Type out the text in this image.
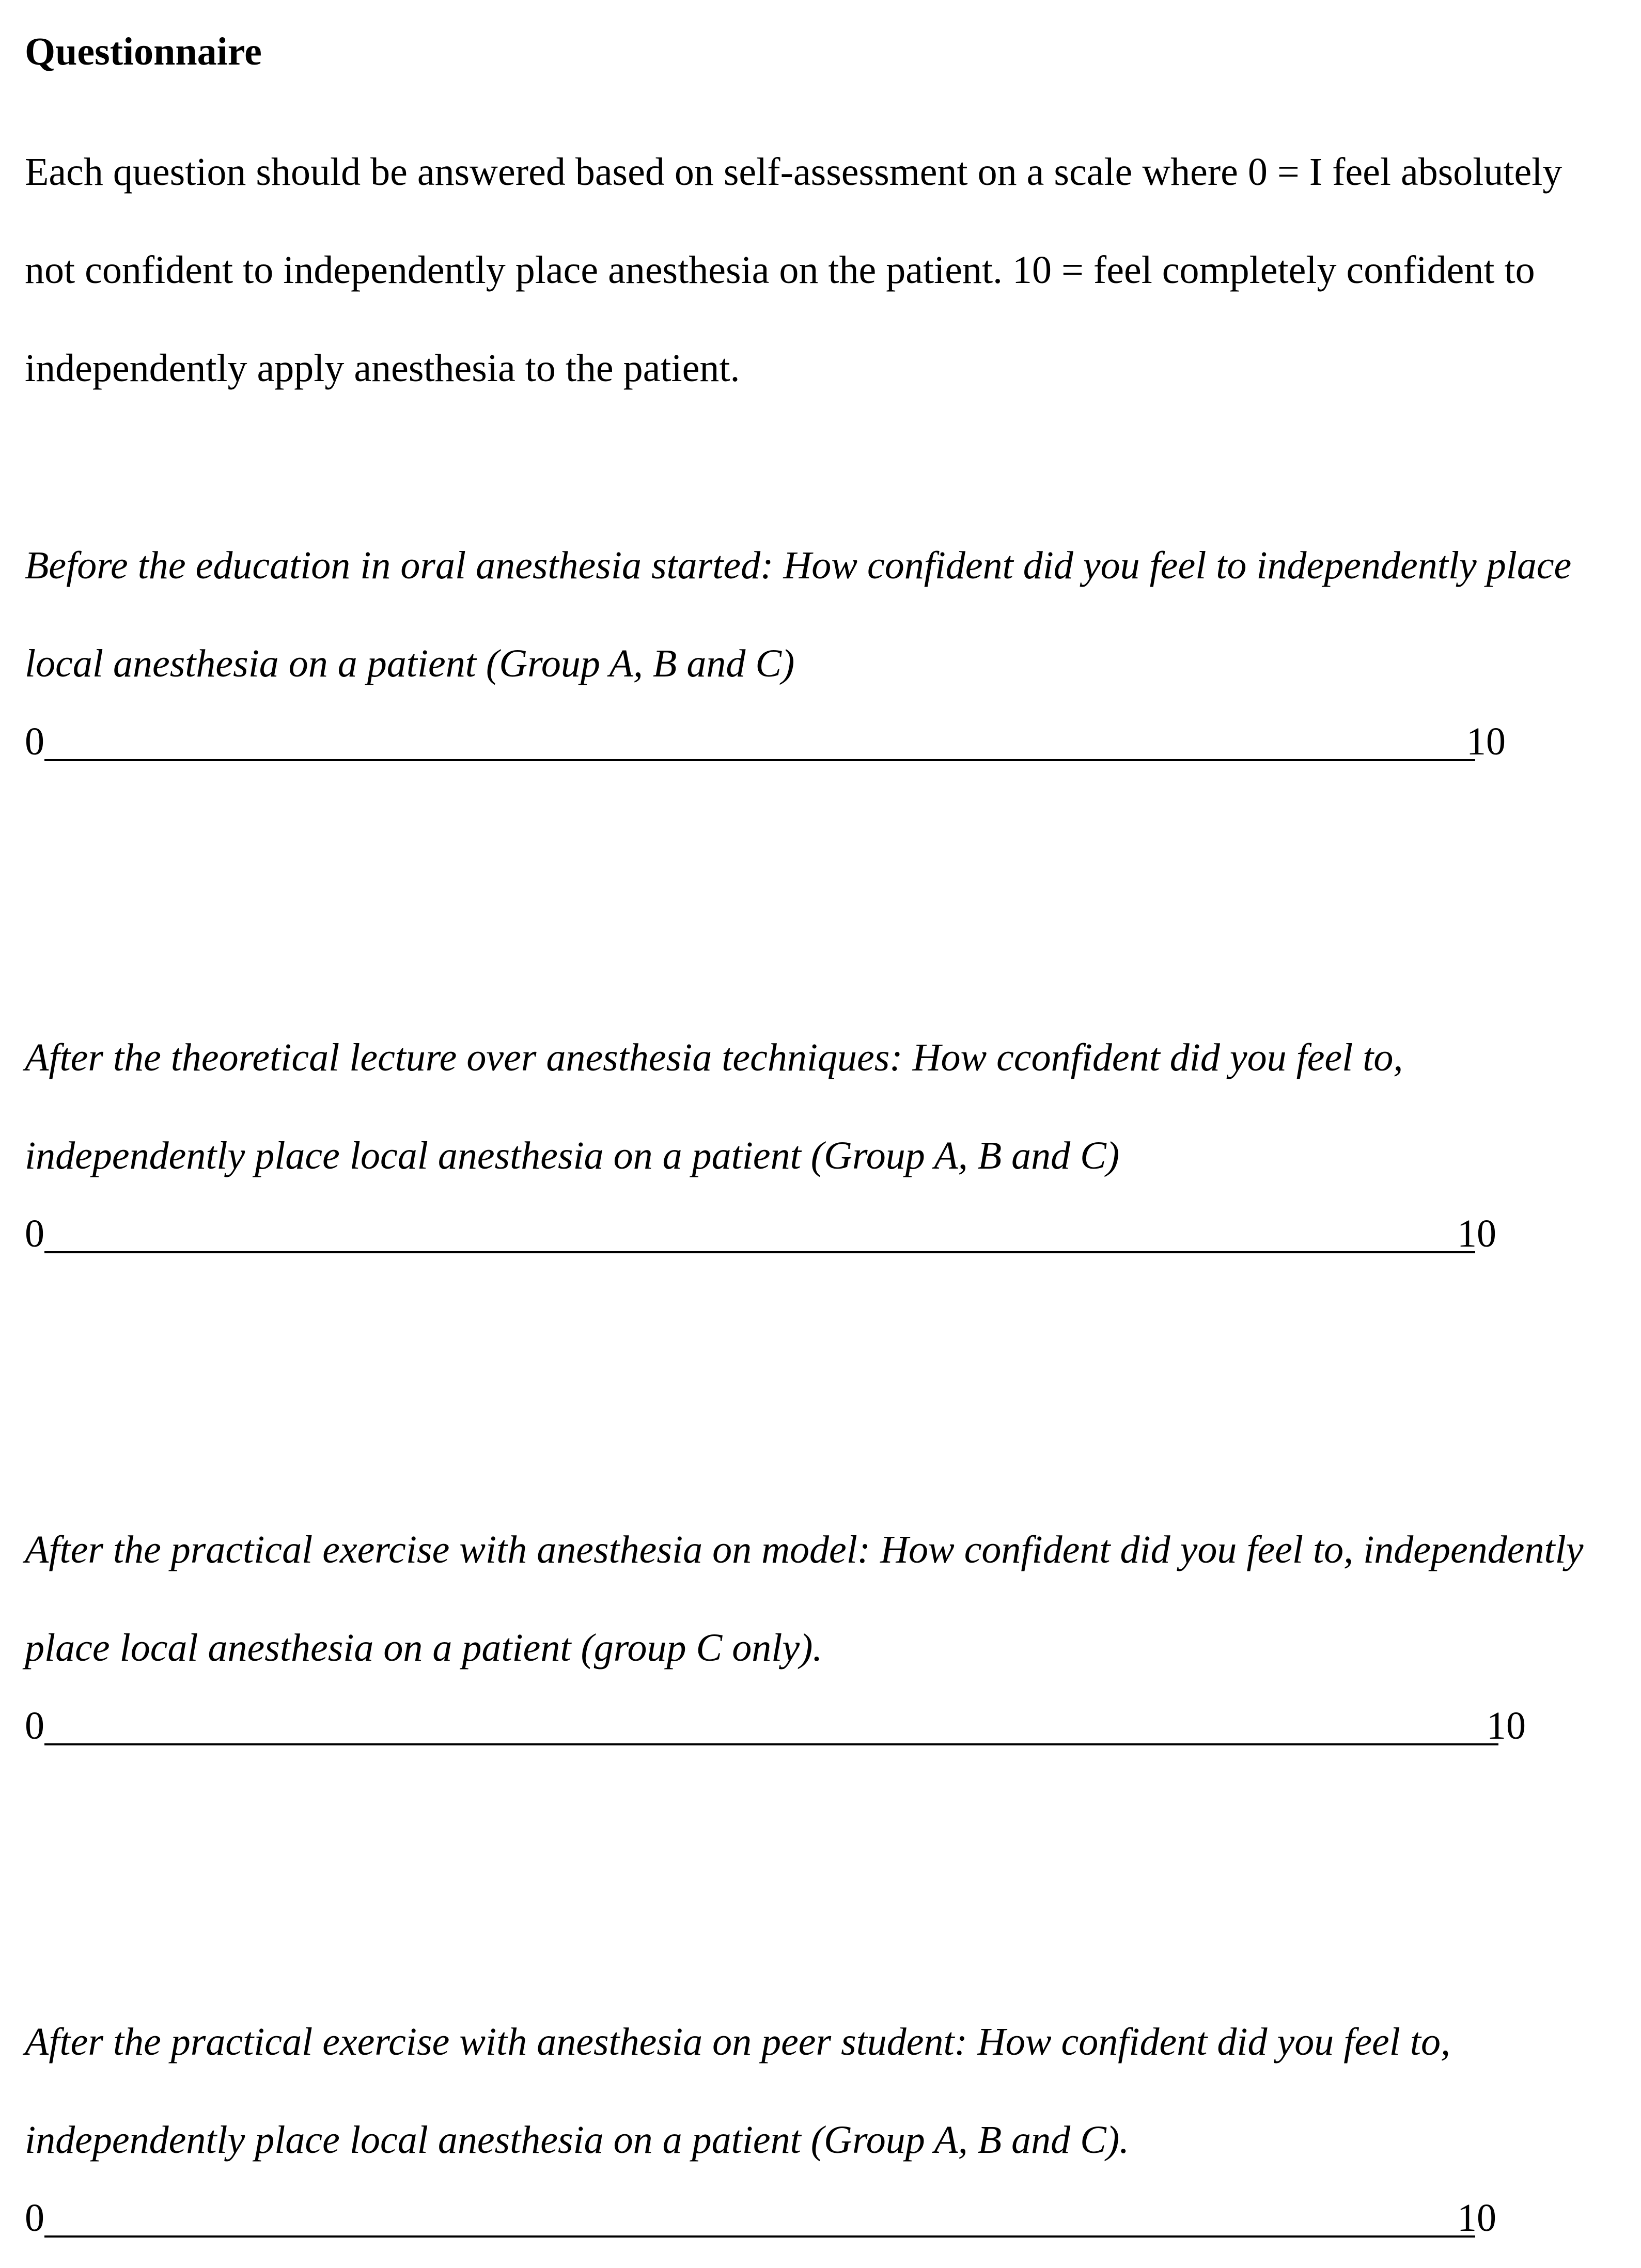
Questionnaire
Each question should be answered based on self-assessment on a scale where 0 = I feel absolutely
not confident to independently place anesthesia on the patient. 10 = feel completely confident to
independently apply anesthesia to the patient.
Before the education in oral anesthesia started: How confident did you feel to independently place
local anesthesia on a patient (Group A, B and C)
0	10
After the theoretical lecture over anesthesia techniques: How cconfident did you feel to,
independently place local anesthesia on a patient (Group A, B and C)
0	10
After the practical exercise with anesthesia on model: How confident did you feel to, independently
place local anesthesia on a patient (group C only).
0	10
After the practical exercise with anesthesia on peer student: How confident did you feel to,
independently place local anesthesia on a patient (Group A, B and C).
0	10
